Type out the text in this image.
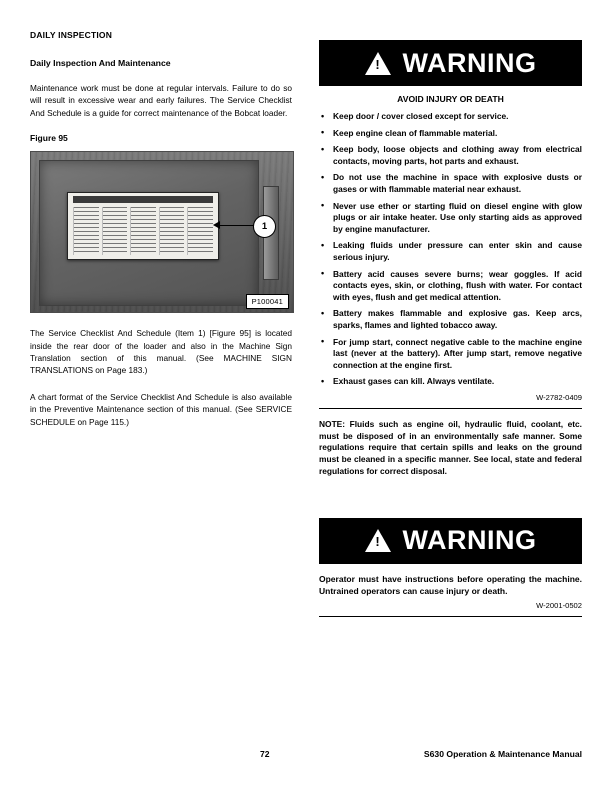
DAILY INSPECTION
Daily Inspection And Maintenance

Maintenance work must be done at regular intervals. Failure to do so will result in excessive wear and early failures. The Service Checklist And Schedule is a guide for correct maintenance of the Bobcat loader.

Figure 95
1
P100041

The Service Checklist And Schedule (Item 1) [Figure 95] is located inside the rear door of the loader and also in the Machine Sign Translation section of this manual. (See MACHINE SIGN TRANSLATIONS on Page 183.)

A chart format of the Service Checklist And Schedule is also available in the Preventive Maintenance section of this manual. (See SERVICE SCHEDULE on Page 115.)

!
WARNING
AVOID INJURY OR DEATH
• Keep door / cover closed except for service.
• Keep engine clean of flammable material.
• Keep body, loose objects and clothing away from electrical contacts, moving parts, hot parts and exhaust.
• Do not use the machine in space with explosive dusts or gases or with flammable material near exhaust.
• Never use ether or starting fluid on diesel engine with glow plugs or air intake heater. Use only starting aids as approved by engine manufacturer.
• Leaking fluids under pressure can enter skin and cause serious injury.
• Battery acid causes severe burns; wear goggles. If acid contacts eyes, skin, or clothing, flush with water. For contact with eyes, flush and get medical attention.
• Battery makes flammable and explosive gas. Keep arcs, sparks, flames and lighted tobacco away.
• For jump start, connect negative cable to the machine engine last (never at the battery). After jump start, remove negative connection at the engine first.
• Exhaust gases can kill. Always ventilate.
W-2782-0409

NOTE: Fluids such as engine oil, hydraulic fluid, coolant, etc. must be disposed of in an environmentally safe manner. Some regulations require that certain spills and leaks on the ground must be cleaned in a specific manner. See local, state and federal regulations for correct disposal.

!
WARNING

Operator must have instructions before operating the machine. Untrained operators can cause injury or death.

W-2001-0502
72	S630 Operation & Maintenance Manual
